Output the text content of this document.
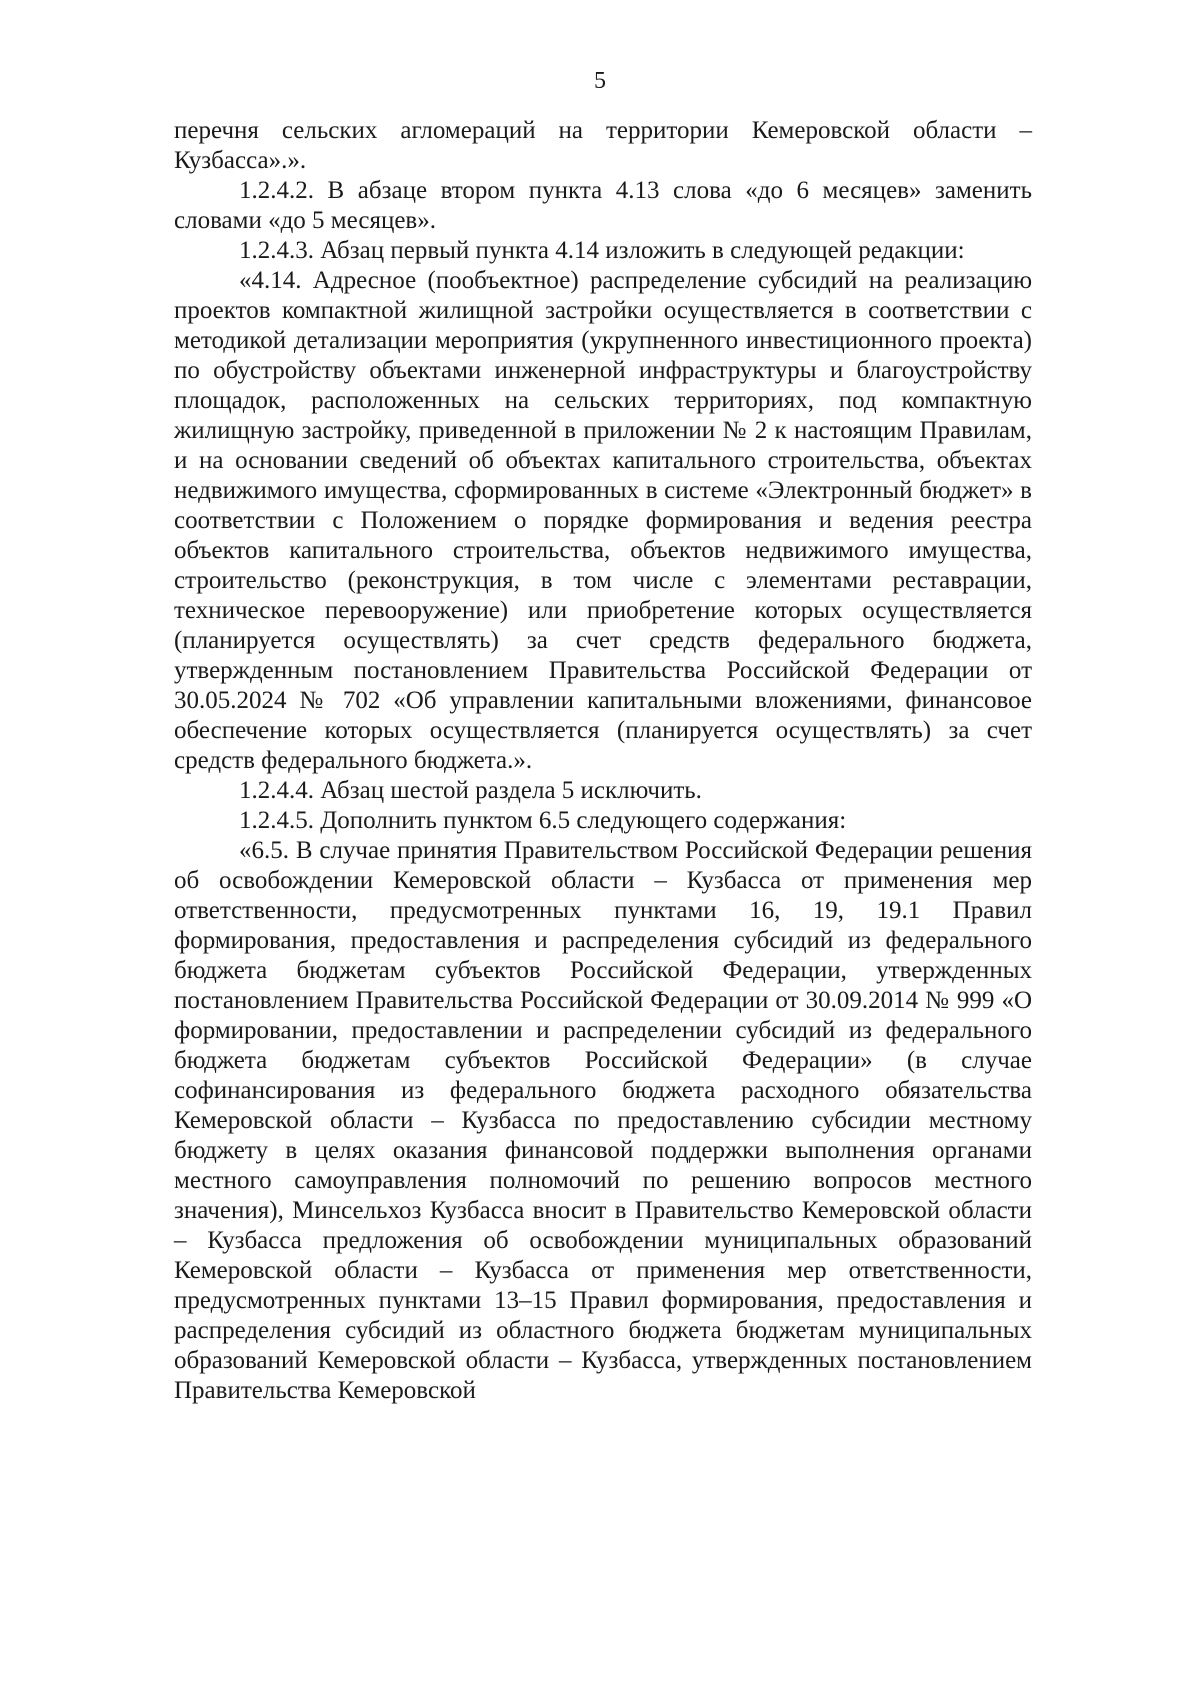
5

перечня сельских агломераций на территории Кемеровской области – Кузбасса».».

1.2.4.2. В абзаце втором пункта 4.13 слова «до 6 месяцев» заменить словами «до 5 месяцев».

1.2.4.3. Абзац первый пункта 4.14 изложить в следующей редакции:

«4.14. Адресное (пообъектное) распределение субсидий на реализацию проектов компактной жилищной застройки осуществляется в соответствии с методикой детализации мероприятия (укрупненного инвестиционного проекта) по обустройству объектами инженерной инфраструктуры и благоустройству площадок, расположенных на сельских территориях, под компактную жилищную застройку, приведенной в приложении № 2 к настоящим Правилам, и на основании сведений об объектах капитального строительства, объектах недвижимого имущества, сформированных в системе «Электронный бюджет» в соответствии с Положением о порядке формирования и ведения реестра объектов капитального строительства, объектов недвижимого имущества, строительство (реконструкция, в том числе с элементами реставрации, техническое перевооружение) или приобретение которых осуществляется (планируется осуществлять) за счет средств федерального бюджета, утвержденным постановлением Правительства Российской Федерации от 30.05.2024 № 702 «Об управлении капитальными вложениями, финансовое обеспечение которых осуществляется (планируется осуществлять) за счет средств федерального бюджета.».

1.2.4.4. Абзац шестой раздела 5 исключить.

1.2.4.5. Дополнить пунктом 6.5 следующего содержания:

«6.5. В случае принятия Правительством Российской Федерации решения об освобождении Кемеровской области – Кузбасса от применения мер ответственности, предусмотренных пунктами 16, 19, 19.1 Правил формирования, предоставления и распределения субсидий из федерального бюджета бюджетам субъектов Российской Федерации, утвержденных постановлением Правительства Российской Федерации от 30.09.2014 № 999 «О формировании, предоставлении и распределении субсидий из федерального бюджета бюджетам субъектов Российской Федерации» (в случае софинансирования из федерального бюджета расходного обязательства Кемеровской области – Кузбасса по предоставлению субсидии местному бюджету в целях оказания финансовой поддержки выполнения органами местного самоуправления полномочий по решению вопросов местного значения), Минсельхоз Кузбасса вносит в Правительство Кемеровской области – Кузбасса предложения об освобождении муниципальных образований Кемеровской области – Кузбасса от применения мер ответственности, предусмотренных пунктами 13–15 Правил формирования, предоставления и распределения субсидий из областного бюджета бюджетам муниципальных образований Кемеровской области – Кузбасса, утвержденных постановлением Правительства Кемеровской
